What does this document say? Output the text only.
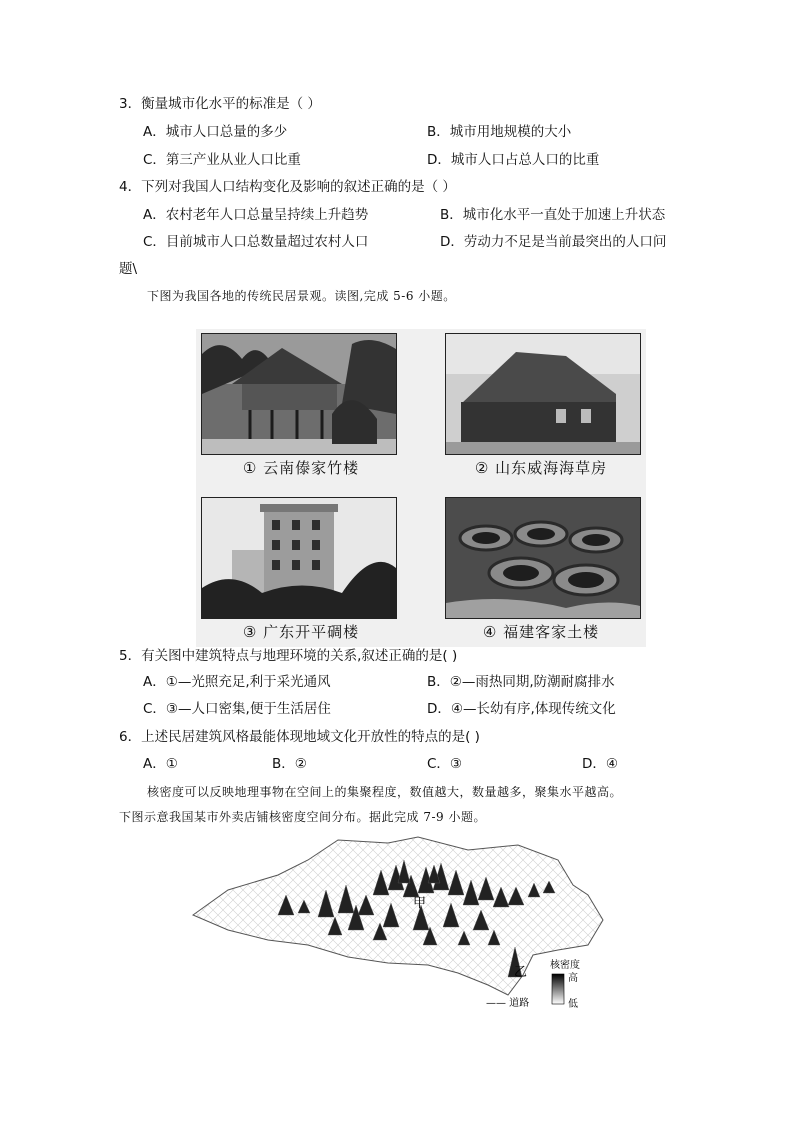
3．衡量城市化水平的标准是（ ）
A．城市人口总量的多少	B．城市用地规模的大小
C．第三产业从业人口比重	D．城市人口占总人口的比重
4．下列对我国人口结构变化及影响的叙述正确的是（ ）
A．农村老年人口总量呈持续上升趋势	B．城市化水平一直处于加速上升状态
C．目前城市人口总数量超过农村人口	D．劳动力不足是当前最突出的人口问
题\
下图为我国各地的传统民居景观。读图,完成 5-6 小题。
① 云南傣家竹楼	② 山东威海海草房
③ 广东开平碉楼	④ 福建客家土楼
5．有关图中建筑特点与地理环境的关系,叙述正确的是( )
A．①—光照充足,利于采光通风	B．②—雨热同期,防潮耐腐排水
C．③—人口密集,便于生活居住	D．④—长幼有序,体现传统文化
6．上述民居建筑风格最能体现地域文化开放性的特点的是( )
A．①	B．②	C．③	D．④
核密度可以反映地理事物在空间上的集聚程度，数值越大，数量越多，聚集水平越高。
下图示意我国某市外卖店铺核密度空间分布。据此完成 7-9 小题。
甲
乙 核密度
高
低
—— 道路
